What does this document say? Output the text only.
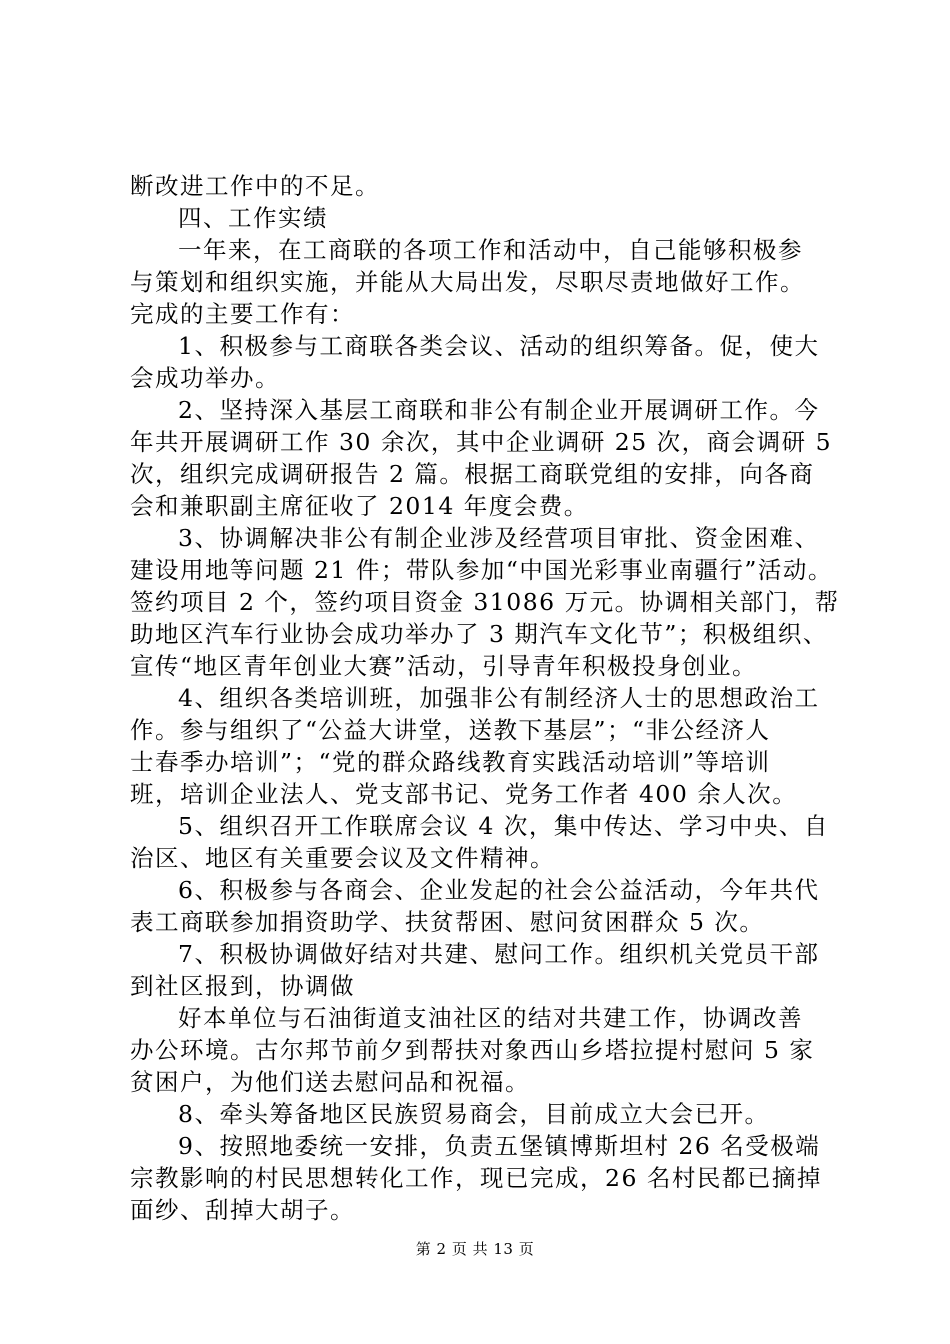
断改进工作中的不足。
四、工作实绩
一年来，在工商联的各项工作和活动中，自己能够积极参
与策划和组织实施，并能从大局出发，尽职尽责地做好工作。
完成的主要工作有：
1、积极参与工商联各类会议、活动的组织筹备。促，使大
会成功举办。
2、坚持深入基层工商联和非公有制企业开展调研工作。今
年共开展调研工作 30 余次，其中企业调研 25 次，商会调研 5
次，组织完成调研报告 2 篇。根据工商联党组的安排，向各商
会和兼职副主席征收了 2014 年度会费。
3、协调解决非公有制企业涉及经营项目审批、资金困难、
建设用地等问题 21 件；带队参加“中国光彩事业南疆行”活动。
签约项目 2 个，签约项目资金 31086 万元。协调相关部门，帮
助地区汽车行业协会成功举办了 3 期汽车文化节”；积极组织、
宣传“地区青年创业大赛”活动，引导青年积极投身创业。
4、组织各类培训班，加强非公有制经济人士的思想政治工
作。参与组织了“公益大讲堂，送教下基层”；“非公经济人
士春季办培训”；“党的群众路线教育实践活动培训”等培训
班，培训企业法人、党支部书记、党务工作者 400 余人次。
5、组织召开工作联席会议 4 次，集中传达、学习中央、自
治区、地区有关重要会议及文件精神。
6、积极参与各商会、企业发起的社会公益活动，今年共代
表工商联参加捐资助学、扶贫帮困、慰问贫困群众 5 次。
7、积极协调做好结对共建、慰问工作。组织机关党员干部
到社区报到，协调做
好本单位与石油街道支油社区的结对共建工作，协调改善
办公环境。古尔邦节前夕到帮扶对象西山乡塔拉提村慰问 5 家
贫困户，为他们送去慰问品和祝福。
8、牵头筹备地区民族贸易商会，目前成立大会已开。
9、按照地委统一安排，负责五堡镇博斯坦村 26 名受极端
宗教影响的村民思想转化工作，现已完成，26 名村民都已摘掉
面纱、刮掉大胡子。
第 2 页 共 13 页
